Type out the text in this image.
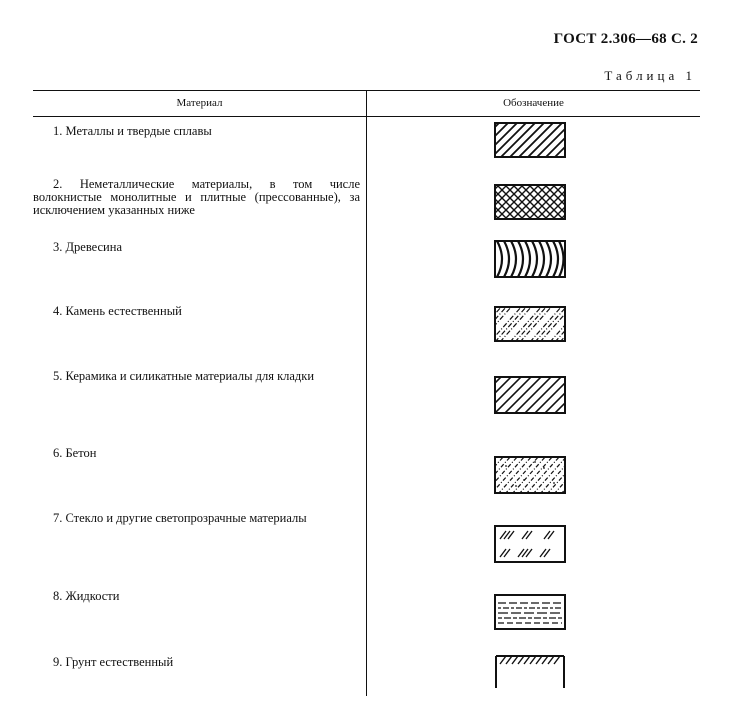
ГОСТ 2.306—68 С. 2
Таблица 1
Материал	Обозначение
1. Металлы и твердые сплавы
2. Неметаллические материалы, в том числе волокнистые монолитные и плитные (прессованные), за исключением указанных ниже
3. Древесина
4. Камень естественный
5. Керамика и силикатные материалы для кладки
6. Бетон
7. Стекло и другие светопрозрачные материалы
8. Жидкости
9. Грунт естественный
